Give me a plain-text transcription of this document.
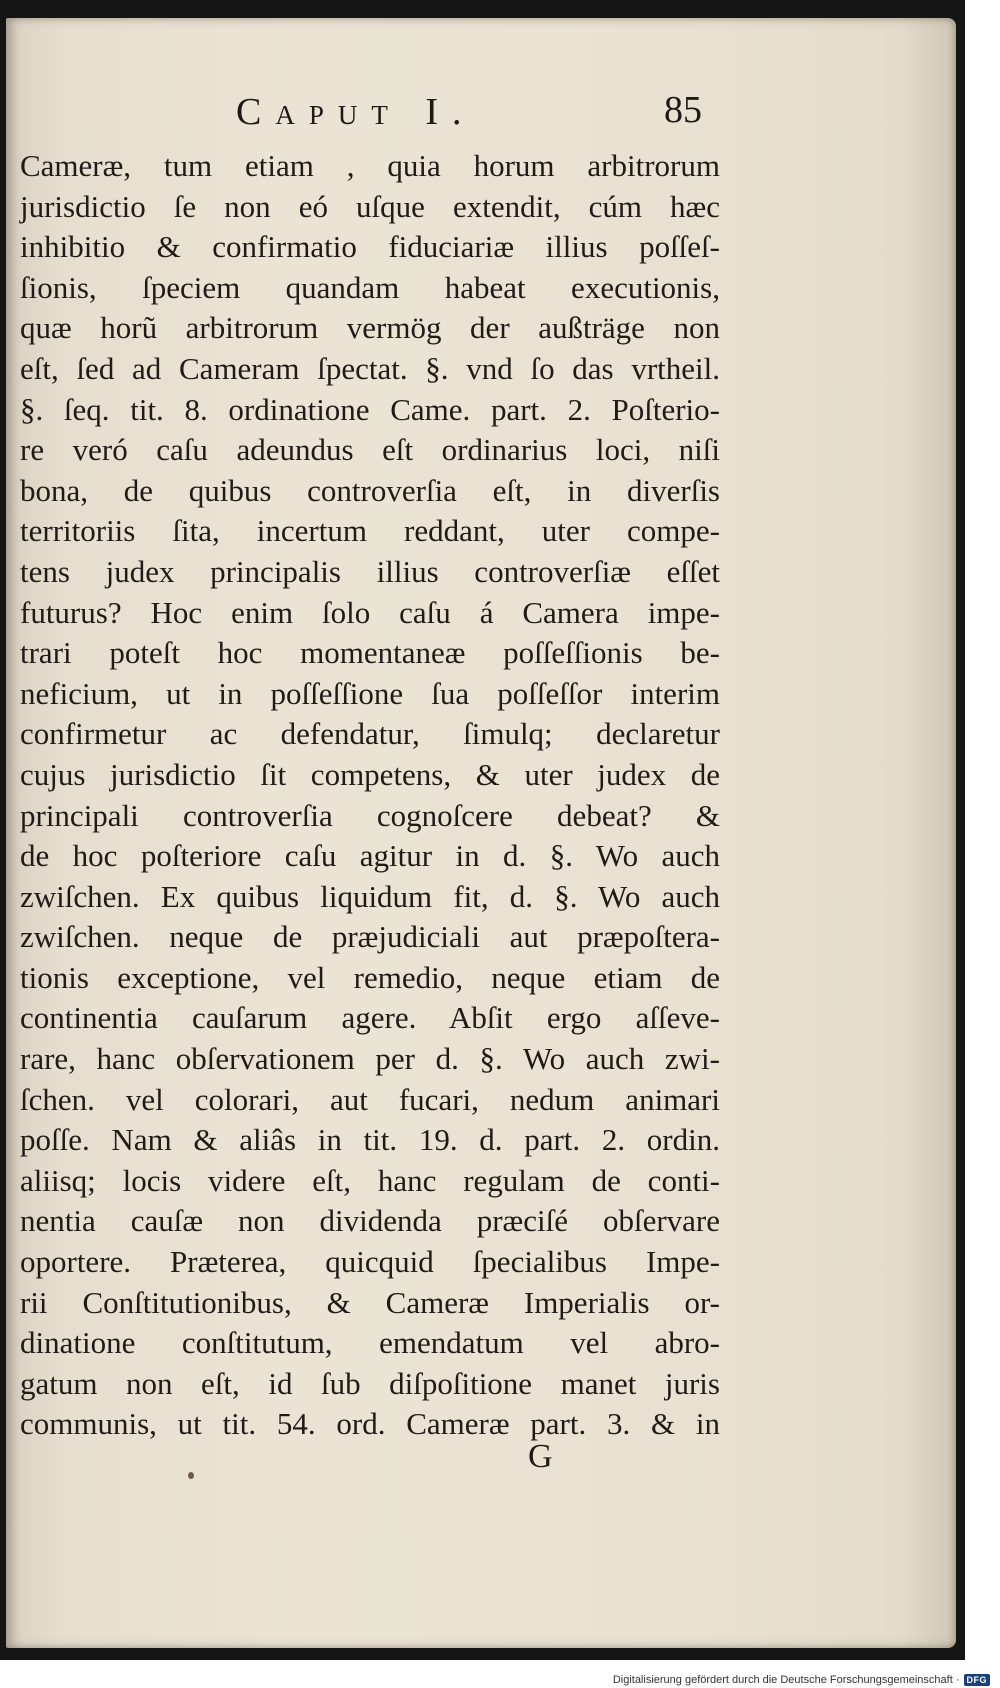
Caput I.	85
Cameræ, tum etiam , quia horum arbitrorum
jurisdictio ſe non eó uſque extendit, cúm hæc
inhibitio & confirmatio fiduciariæ illius poſſeſ-
ſionis, ſpeciem quandam habeat executionis,
quæ horũ arbitrorum vermög der außträge non
eſt, ſed ad Cameram ſpectat. §. vnd ſo das vrtheil.
§. ſeq. tit. 8. ordinatione Came. part. 2. Poſterio-
re veró caſu adeundus eſt ordinarius loci, niſi
bona, de quibus controverſia eſt, in diverſis
territoriis ſita, incertum reddant, uter compe-
tens judex principalis illius controverſiæ eſſet
futurus? Hoc enim ſolo caſu á Camera impe-
trari poteſt hoc momentaneæ poſſeſſionis be-
neficium, ut in poſſeſſione ſua poſſeſſor interim
confirmetur ac defendatur, ſimulq; declaretur
cujus jurisdictio ſit competens, & uter judex de
principali controverſia cognoſcere debeat? &
de hoc poſteriore caſu agitur in d. §. Wo auch
zwiſchen. Ex quibus liquidum fit, d. §. Wo auch
zwiſchen. neque de præjudiciali aut præpoſtera-
tionis exceptione, vel remedio, neque etiam de
continentia cauſarum agere. Abſit ergo aſſeve-
rare, hanc obſervationem per d. §. Wo auch zwi-
ſchen. vel colorari, aut fucari, nedum animari
poſſe. Nam & aliâs in tit. 19. d. part. 2. ordin.
aliisq; locis videre eſt, hanc regulam de conti-
nentia cauſæ non dividenda præciſé obſervare
oportere. Præterea, quicquid ſpecialibus Impe-
rii Conſtitutionibus, & Cameræ Imperialis or-
dinatione conſtitutum, emendatum vel abro-
gatum non eſt, id ſub diſpoſitione manet juris
communis, ut tit. 54. ord. Cameræ part. 3. & in
G
Digitalisierung gefördert durch die Deutsche Forschungsgemeinschaft · DFG
